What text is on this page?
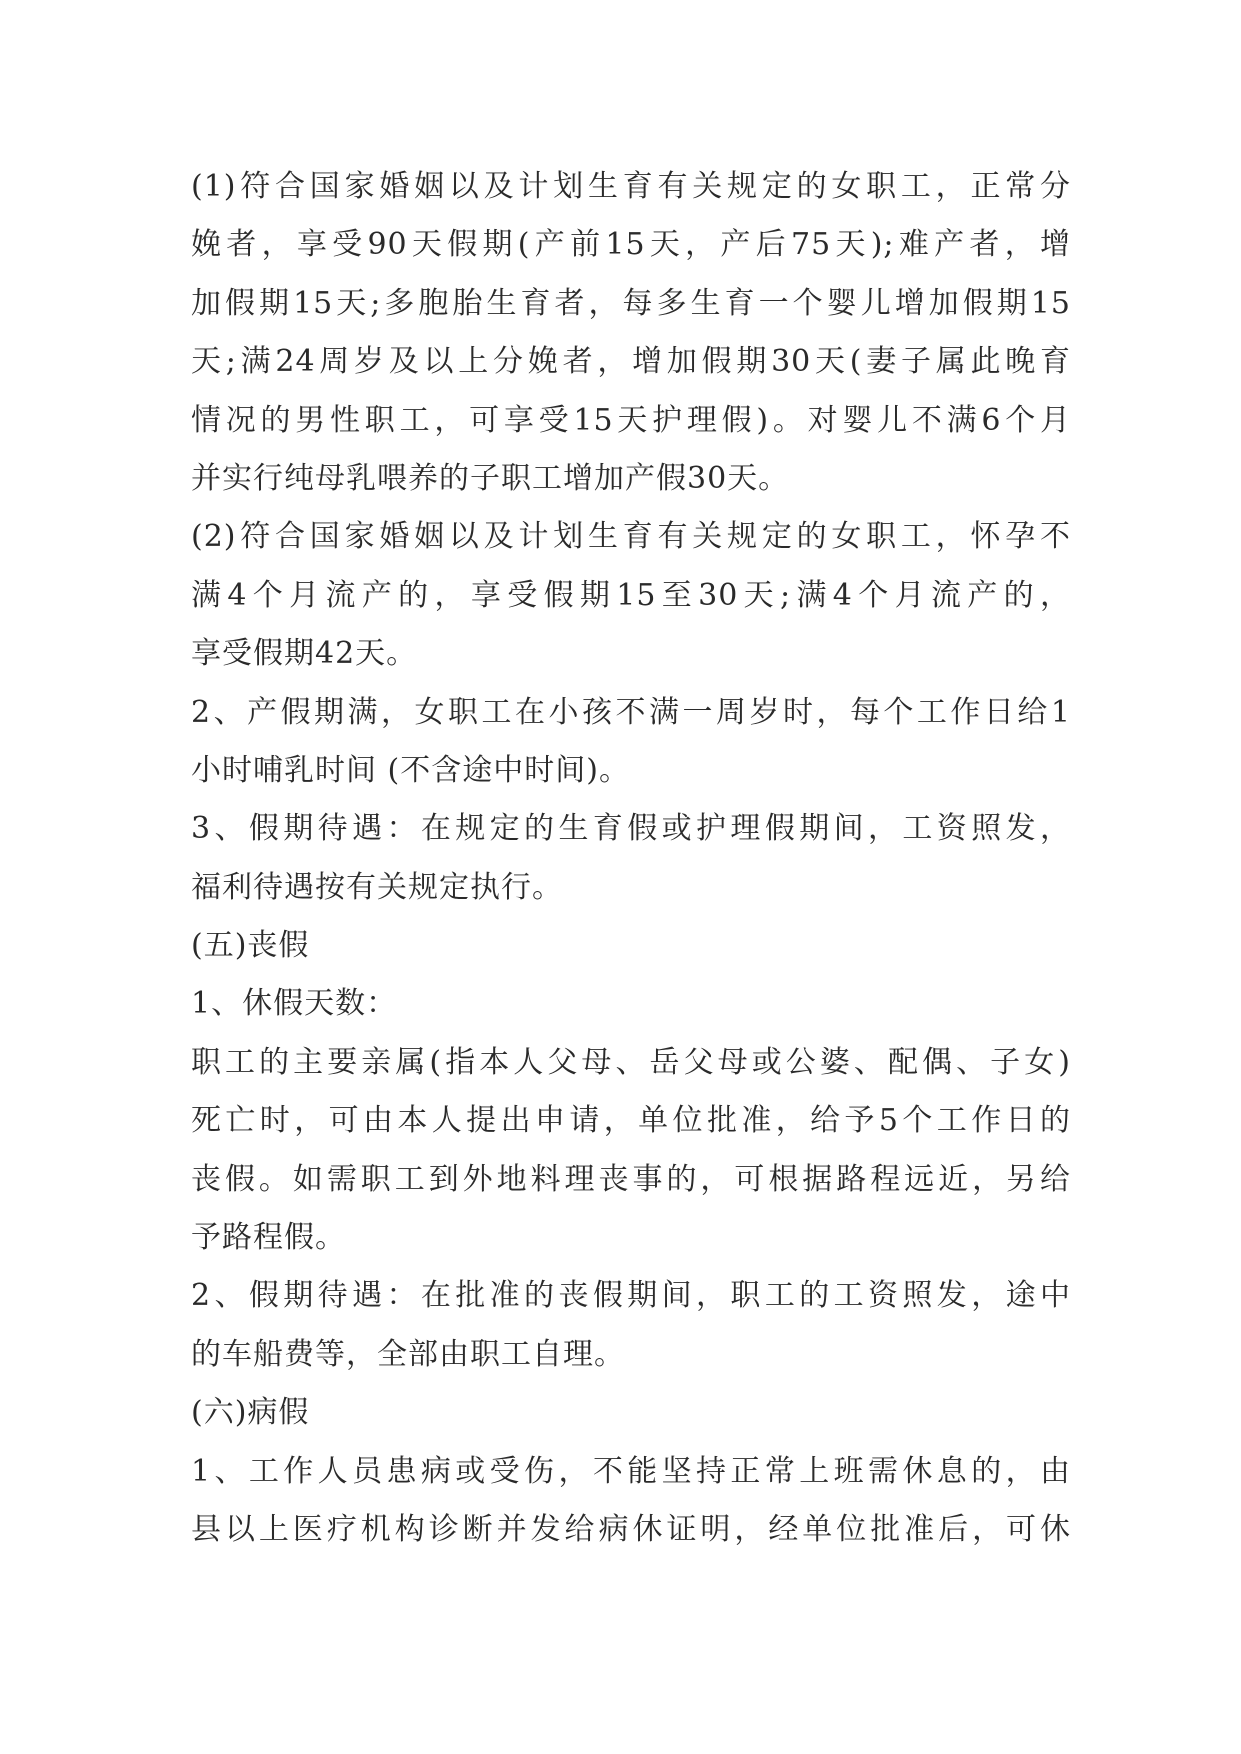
(1)符合国家婚姻以及计划生育有关规定的女职工，正常分
娩者，享受90天假期(产前15天，产后75天);难产者，增
加假期15天;多胞胎生育者，每多生育一个婴儿增加假期15
天;满24周岁及以上分娩者，增加假期30天(妻子属此晚育
情况的男性职工，可享受15天护理假)。对婴儿不满6个月
并实行纯母乳喂养的子职工增加产假30天。
(2)符合国家婚姻以及计划生育有关规定的女职工，怀孕不
满4个月流产的，享受假期15至30天;满4个月流产的，
享受假期42天。
2、产假期满，女职工在小孩不满一周岁时，每个工作日给1
小时哺乳时间 (不含途中时间)。
3、假期待遇：在规定的生育假或护理假期间，工资照发，
福利待遇按有关规定执行。
(五)丧假
1、休假天数：
职工的主要亲属(指本人父母、岳父母或公婆、配偶、子女)
死亡时，可由本人提出申请，单位批准，给予5个工作日的
丧假。如需职工到外地料理丧事的，可根据路程远近，另给
予路程假。
2、假期待遇：在批准的丧假期间，职工的工资照发，途中
的车船费等，全部由职工自理。
(六)病假
1、工作人员患病或受伤，不能坚持正常上班需休息的，由
县以上医疗机构诊断并发给病休证明，经单位批准后，可休
